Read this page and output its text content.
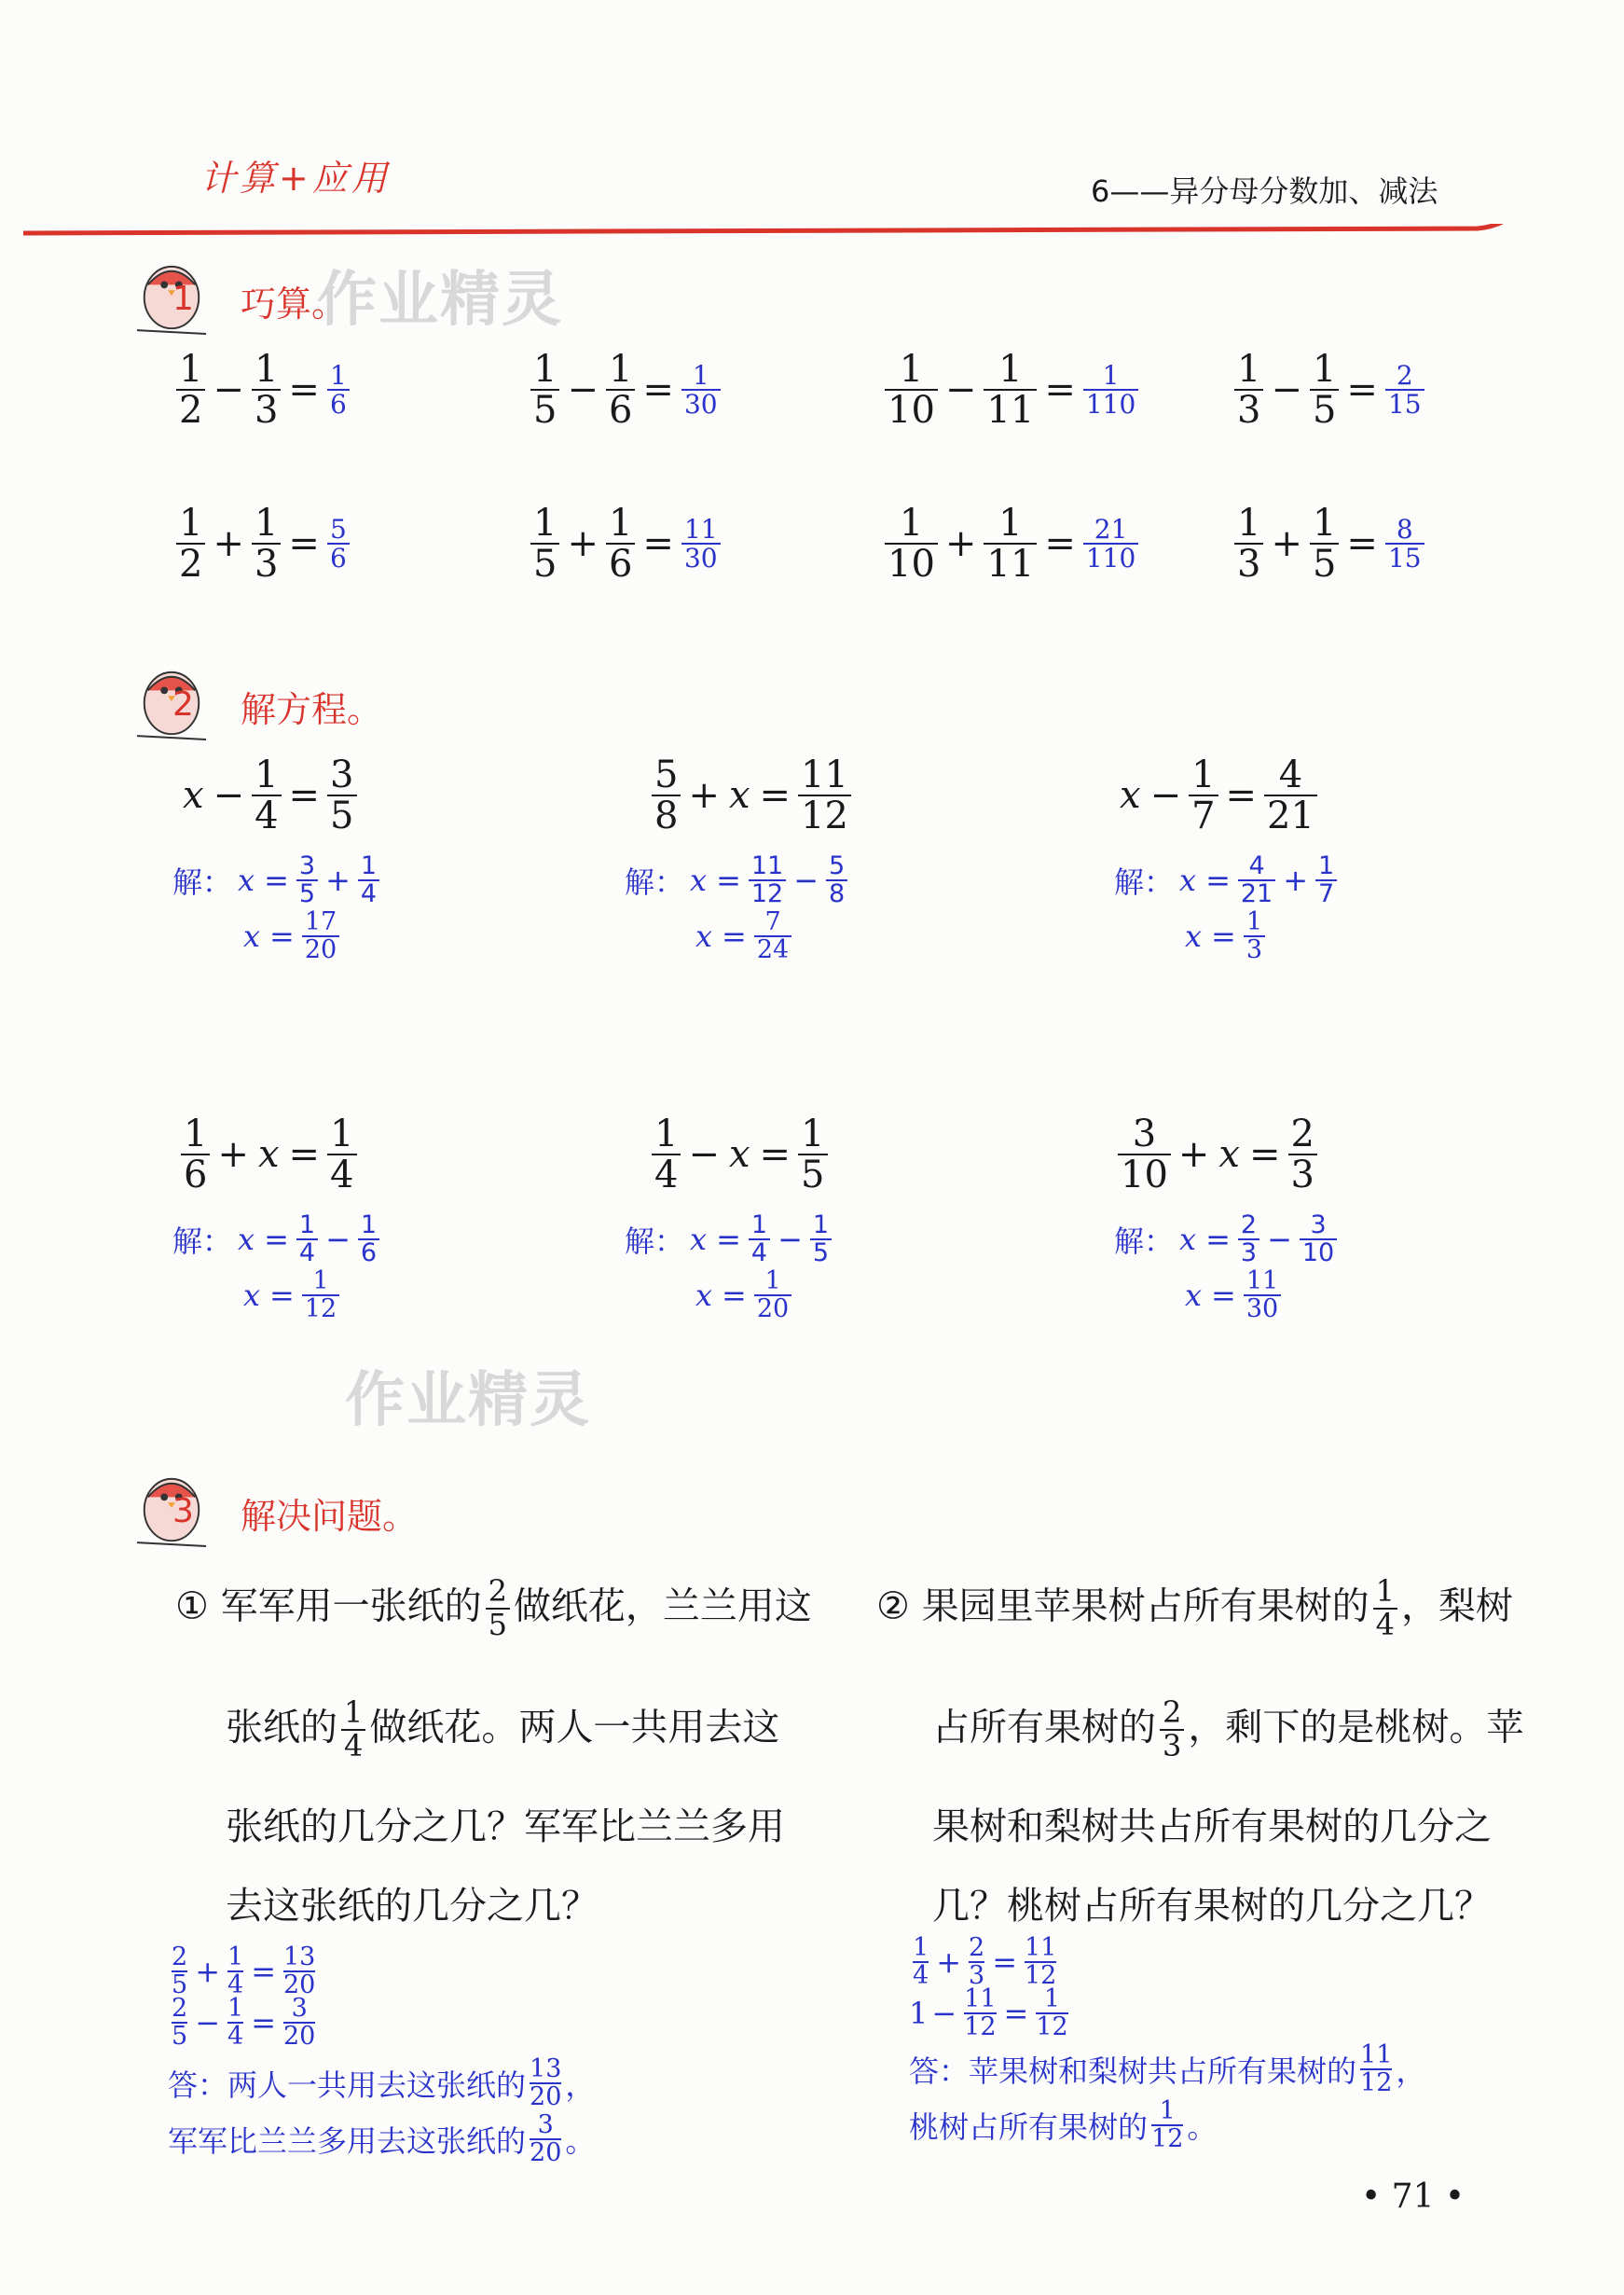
计算+应用	6——异分母分数加、减法
作业精灵
作业精灵
1 巧算。
2 解方程。
3 解决问题。
$\frac{1}{2} - \frac{1}{3} = \frac{1}{6}$	$\frac{1}{5} - \frac{1}{6} = \frac{1}{30}$	$\frac{1}{10} - \frac{1}{11} = \frac{1}{110}$	$\frac{1}{3} - \frac{1}{5} = \frac{2}{15}$
$\frac{1}{2} + \frac{1}{3} = \frac{5}{6}$	$\frac{1}{5} + \frac{1}{6} = \frac{11}{30}$	$\frac{1}{10} + \frac{1}{11} = \frac{21}{110}$	$\frac{1}{3} + \frac{1}{5} = \frac{8}{15}$
$x - \frac{1}{4} = \frac{3}{5}$
解： $x = \frac{3}{5} + \frac{1}{4}$
$x = \frac{17}{20}$
$\frac{5}{8} + x = \frac{11}{12}$
解： $x = \frac{11}{12} - \frac{5}{8}$
$x = \frac{7}{24}$
$x - \frac{1}{7} = \frac{4}{21}$
解： $x = \frac{4}{21} + \frac{1}{7}$
$x = \frac{1}{3}$
$\frac{1}{6} + x = \frac{1}{4}$
解： $x = \frac{1}{4} - \frac{1}{6}$
$x = \frac{1}{12}$
$\frac{1}{4} - x = \frac{1}{5}$
解： $x = \frac{1}{4} - \frac{1}{5}$
$x = \frac{1}{20}$
$\frac{3}{10} + x = \frac{2}{3}$
解： $x = \frac{2}{3} - \frac{3}{10}$
$x = \frac{11}{30}$
① 军军用一张纸的 $\frac{2}{5}$ 做纸花，兰兰用这
张纸的 $\frac{1}{4}$ 做纸花。两人一共用去这
张纸的几分之几？军军比兰兰多用
去这张纸的几分之几？
$\frac{2}{5} + \frac{1}{4} = \frac{13}{20}$
$\frac{2}{5} - \frac{1}{4} = \frac{3}{20}$
答：两人一共用去这张纸的 $\frac{13}{20}$ ，
军军比兰兰多用去这张纸的 $\frac{3}{20}$ 。
② 果园里苹果树占所有果树的 $\frac{1}{4}$ ，梨树
占所有果树的 $\frac{2}{3}$ ，剩下的是桃树。苹
果树和梨树共占所有果树的几分之
几？桃树占所有果树的几分之几？
$\frac{1}{4} + \frac{2}{3} = \frac{11}{12}$
$1 - \frac{11}{12} = \frac{1}{12}$
答：苹果树和梨树共占所有果树的 $\frac{11}{12}$ ，
桃树占所有果树的 $\frac{1}{12}$ 。
• 71 •
